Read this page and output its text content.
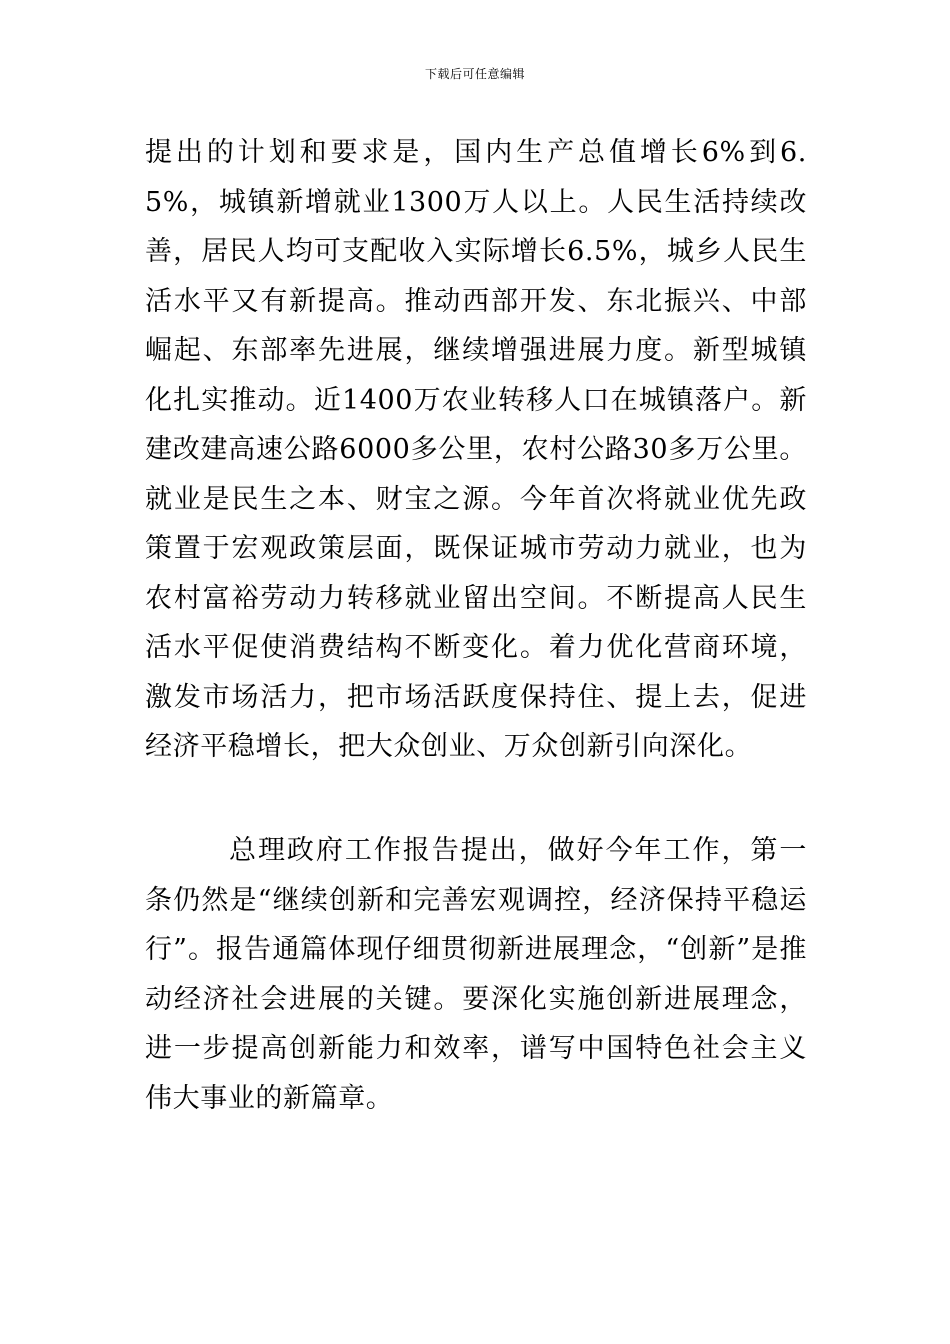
下载后可任意编辑

提出的计划和要求是，国内生产总值增长6%到6.5%，城镇新增就业1300万人以上。人民生活持续改善，居民人均可支配收入实际增长6.5%，城乡人民生活水平又有新提高。推动西部开发、东北振兴、中部崛起、东部率先进展，继续增强进展力度。新型城镇化扎实推动。近1400万农业转移人口在城镇落户。新建改建高速公路6000多公里，农村公路30多万公里。就业是民生之本、财宝之源。今年首次将就业优先政策置于宏观政策层面，既保证城市劳动力就业，也为农村富裕劳动力转移就业留出空间。不断提高人民生活水平促使消费结构不断变化。着力优化营商环境，激发市场活力，把市场活跃度保持住、提上去，促进经济平稳增长，把大众创业、万众创新引向深化。

总理政府工作报告提出，做好今年工作，第一条仍然是“继续创新和完善宏观调控，经济保持平稳运行”。报告通篇体现仔细贯彻新进展理念，“创新”是推动经济社会进展的关键。要深化实施创新进展理念，进一步提高创新能力和效率，谱写中国特色社会主义伟大事业的新篇章。
